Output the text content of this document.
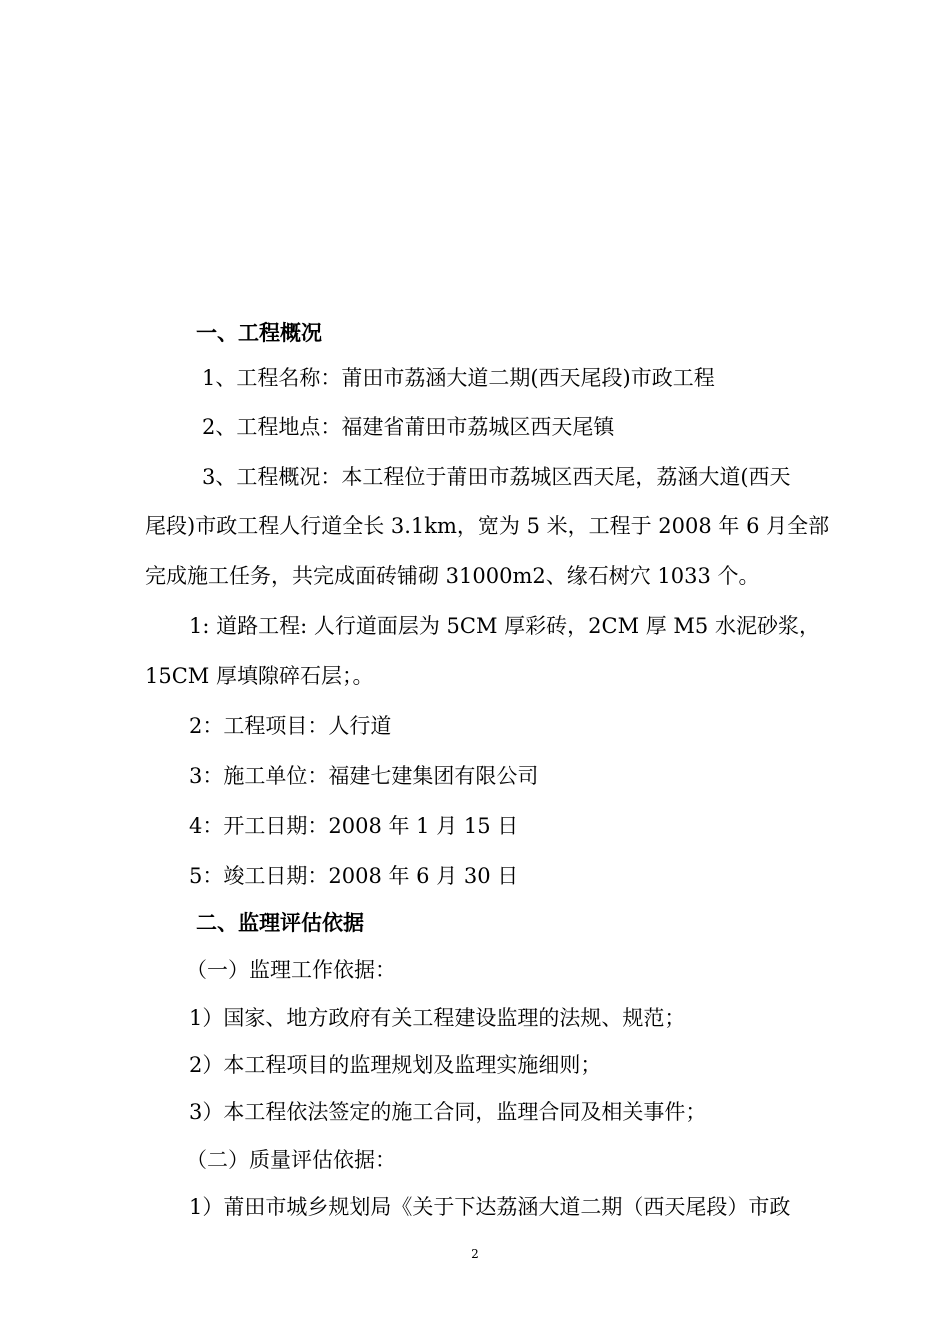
一、工程概况
1、工程名称：莆田市荔涵大道二期(西天尾段)市政工程
2、工程地点：福建省莆田市荔城区西天尾镇
3、工程概况：本工程位于莆田市荔城区西天尾，荔涵大道(西天
尾段)市政工程人行道全长 3.1km，宽为 5 米，工程于 2008 年 6 月全部
完成施工任务，共完成面砖铺砌 31000m2、缘石树穴 1033 个。
1: 道路工程: 人行道面层为 5CM 厚彩砖，2CM 厚 M5 水泥砂浆，
15CM 厚填隙碎石层；。
2：工程项目：人行道
3：施工单位：福建七建集团有限公司
4：开工日期：2008 年 1 月 15 日
5：竣工日期：2008 年 6 月 30 日
二、监理评估依据
（一）监理工作依据：
1）国家、地方政府有关工程建设监理的法规、规范；
2）本工程项目的监理规划及监理实施细则；
3）本工程依法签定的施工合同，监理合同及相关事件；
（二）质量评估依据：
1）莆田市城乡规划局《关于下达荔涵大道二期（西天尾段）市政
2
